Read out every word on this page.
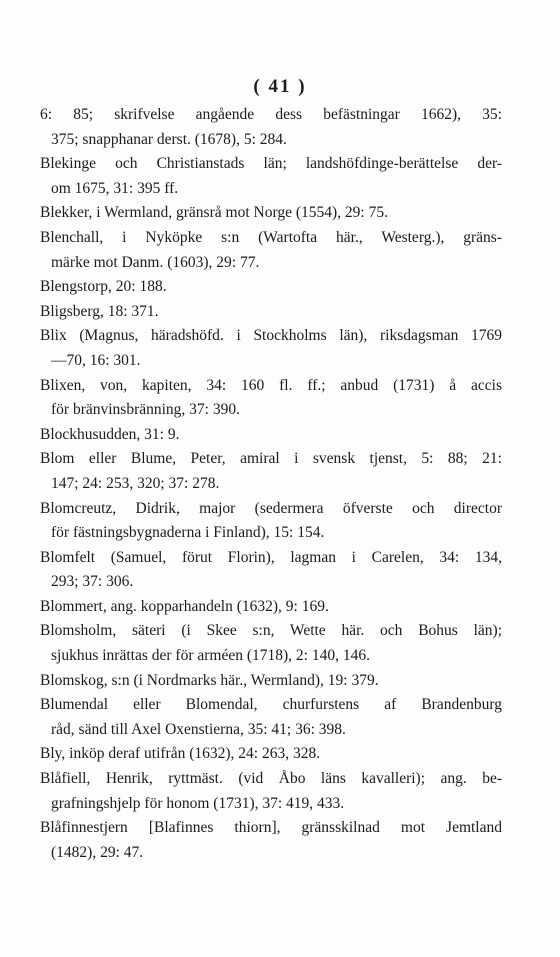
( 41 )
6: 85; skrifvelse angående dess befästningar 1662), 35:
375; snapphanar derst. (1678), 5: 284.
Blekinge och Christianstads län; landshöfdinge-berättelse der-
om 1675, 31: 395 ff.
Blekker, i Wermland, gränsrå mot Norge (1554), 29: 75.
Blenchall, i Nyköpke s:n (Wartofta här., Westerg.), gräns-
märke mot Danm. (1603), 29: 77.
Blengstorp, 20: 188.
Bligsberg, 18: 371.
Blix (Magnus, häradshöfd. i Stockholms län), riksdagsman 1769
—70, 16: 301.
Blixen, von, kapiten, 34: 160 fl. ff.; anbud (1731) å accis
för bränvinsbränning, 37: 390.
Blockhusudden, 31: 9.
Blom eller Blume, Peter, amiral i svensk tjenst, 5: 88; 21:
147; 24: 253, 320; 37: 278.
Blomcreutz, Didrik, major (sedermera öfverste och director
för fästningsbygnaderna i Finland), 15: 154.
Blomfelt (Samuel, förut Florin), lagman i Carelen, 34: 134,
293; 37: 306.
Blommert, ang. kopparhandeln (1632), 9: 169.
Blomsholm, säteri (i Skee s:n, Wette här. och Bohus län);
sjukhus inrättas der för arméen (1718), 2: 140, 146.
Blomskog, s:n (i Nordmarks här., Wermland), 19: 379.
Blumendal eller Blomendal, churfurstens af Brandenburg
råd, sänd till Axel Oxenstierna, 35: 41; 36: 398.
Bly, inköp deraf utifrån (1632), 24: 263, 328.
Blåfiell, Henrik, ryttmäst. (vid Åbo läns kavalleri); ang. be-
grafningshjelp för honom (1731), 37: 419, 433.
Blåfinnestjern [Blafinnes thiorn], gränsskilnad mot Jemtland
(1482), 29: 47.
